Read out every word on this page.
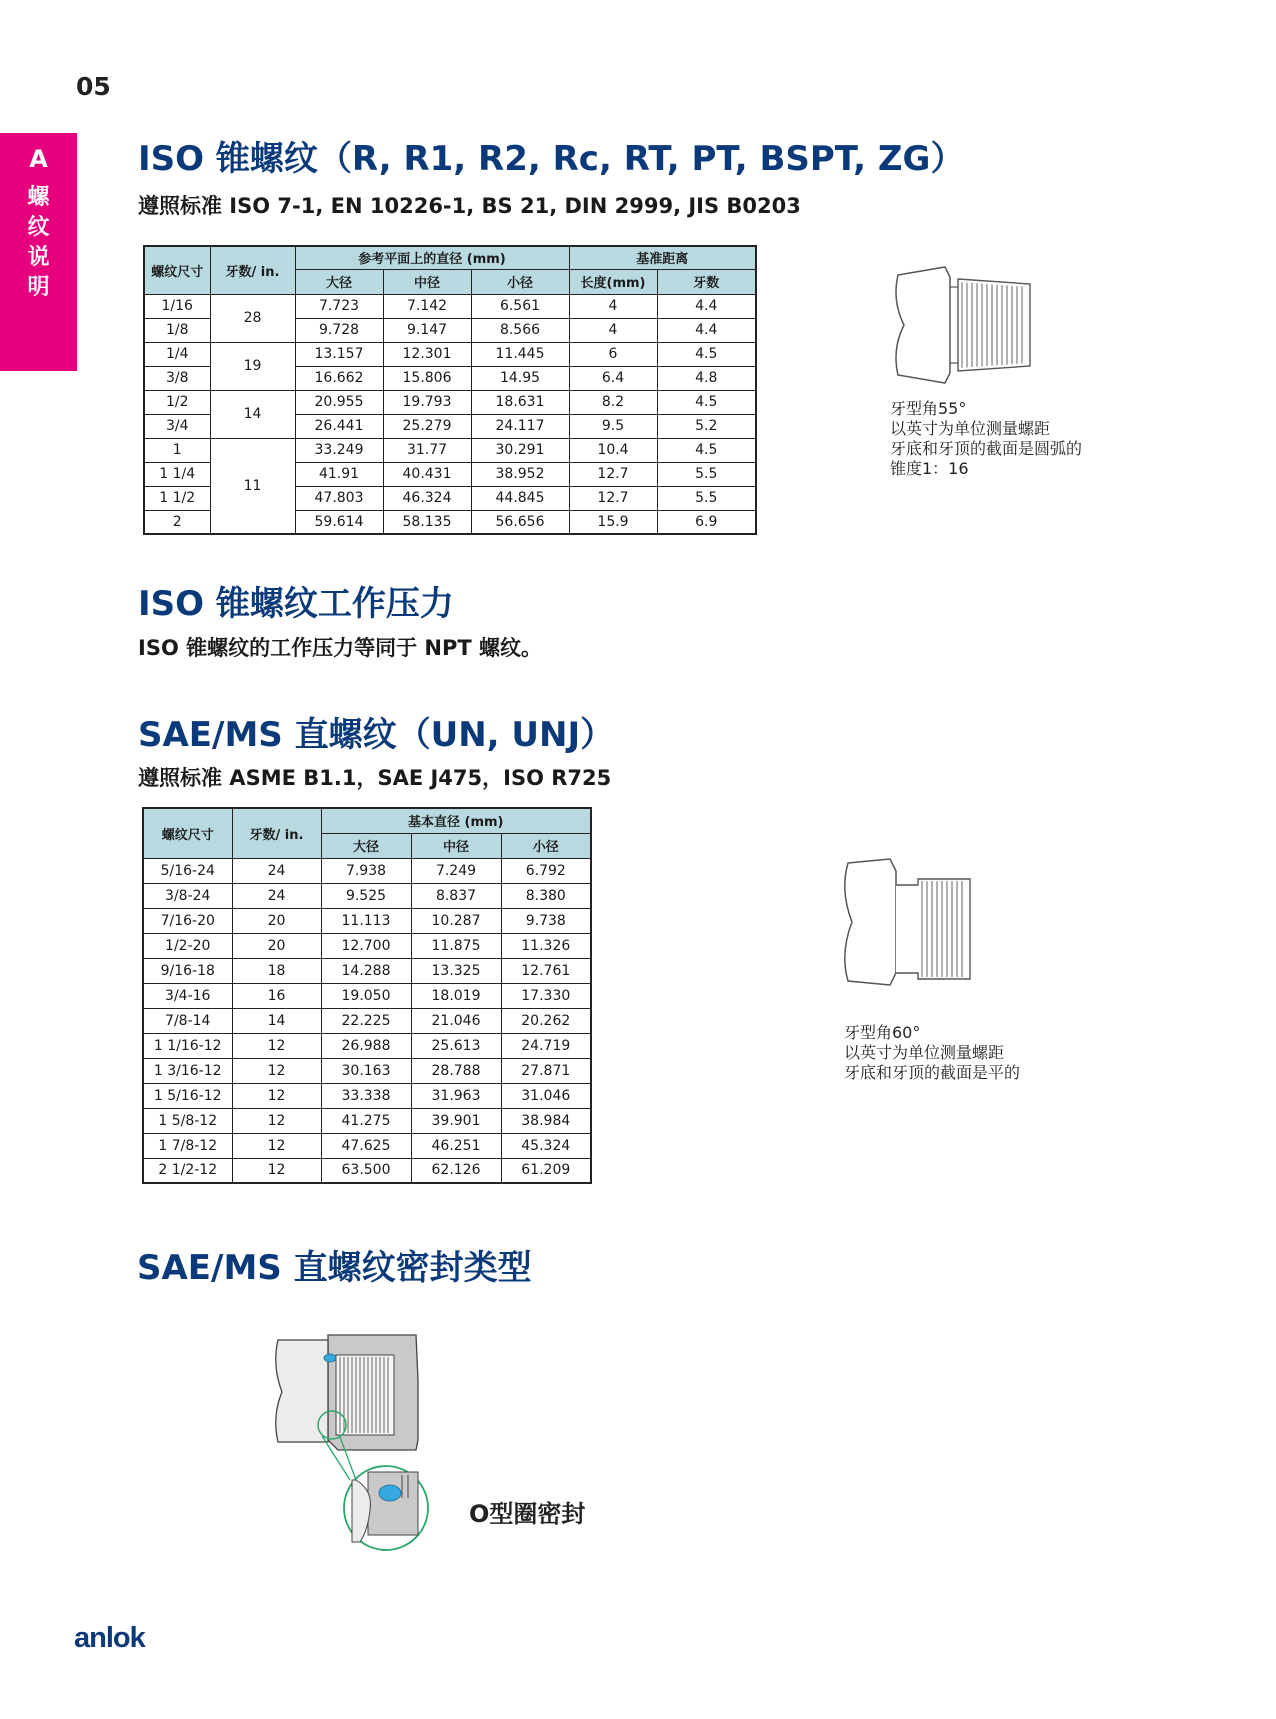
05
A
螺
纹
说
明
ISO 锥螺纹（R, R1, R2, Rc, RT, PT, BSPT, ZG）
遵照标准 ISO 7-1, EN 10226-1, BS 21, DIN 2999, JIS B0203
螺纹尺寸	牙数/ in.	参考平面上的直径 (mm)			基准距离	
		大径	中径	小径	长度(mm)	牙数
1/16	28	7.723	7.142	6.561	4	4.4
1/8		9.728	9.147	8.566	4	4.4
1/4	19	13.157	12.301	11.445	6	4.5
3/8		16.662	15.806	14.95	6.4	4.8
1/2	14	20.955	19.793	18.631	8.2	4.5
3/4		26.441	25.279	24.117	9.5	5.2
1	11	33.249	31.77	30.291	10.4	4.5
1 1/4		41.91	40.431	38.952	12.7	5.5
1 1/2		47.803	46.324	44.845	12.7	5.5
2		59.614	58.135	56.656	15.9	6.9
牙型角55°
以英寸为单位测量螺距
牙底和牙顶的截面是圆弧的
锥度1：16
ISO 锥螺纹工作压力
ISO 锥螺纹的工作压力等同于 NPT 螺纹。
SAE/MS 直螺纹（UN, UNJ）
遵照标准 ASME B1.1，SAE J475，ISO R725
螺纹尺寸	牙数/ in.	基本直径 (mm)		
		大径	中径	小径
5/16-24	24	7.938	7.249	6.792
3/8-24	24	9.525	8.837	8.380
7/16-20	20	11.113	10.287	9.738
1/2-20	20	12.700	11.875	11.326
9/16-18	18	14.288	13.325	12.761
3/4-16	16	19.050	18.019	17.330
7/8-14	14	22.225	21.046	20.262
1 1/16-12	12	26.988	25.613	24.719
1 3/16-12	12	30.163	28.788	27.871
1 5/16-12	12	33.338	31.963	31.046
1 5/8-12	12	41.275	39.901	38.984
1 7/8-12	12	47.625	46.251	45.324
2 1/2-12	12	63.500	62.126	61.209
牙型角60°
以英寸为单位测量螺距
牙底和牙顶的截面是平的
SAE/MS 直螺纹密封类型
O型圈密封
anlok
